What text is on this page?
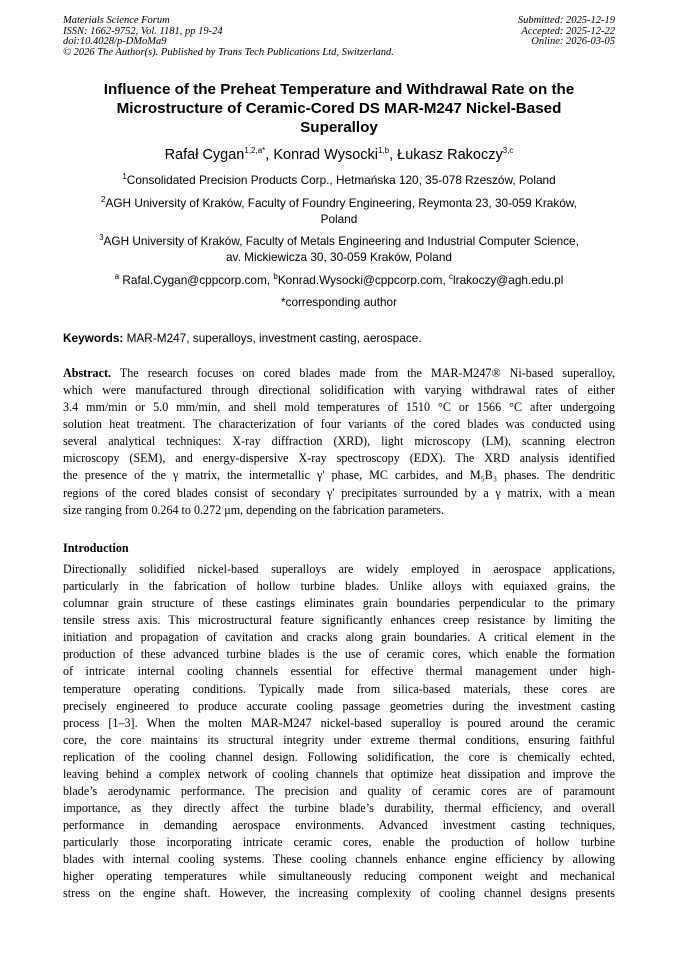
Materials Science Forum
ISSN: 1662-9752, Vol. 1181, pp 19-24
doi:10.4028/p-DMoMa9
© 2026 The Author(s). Published by Trans Tech Publications Ltd, Switzerland.
Submitted: 2025-12-19
Accepted: 2025-12-22
Online: 2026-03-05
Influence of the Preheat Temperature and Withdrawal Rate on the
Microstructure of Ceramic-Cored DS MAR-M247 Nickel-Based
Superalloy
Rafał Cygan$^{1,2,a*}$, Konrad Wysocki$^{1,b}$, Łukasz Rakoczy$^{3,c}$
$^1$Consolidated Precision Products Corp., Hetmańska 120, 35-078 Rzeszów, Poland
$^2$AGH University of Kraków, Faculty of Foundry Engineering, Reymonta 23, 30-059 Kraków,
Poland
$^3$AGH University of Kraków, Faculty of Metals Engineering and Industrial Computer Science,
av. Mickiewicza 30, 30-059 Kraków, Poland
$^a$ Rafal.Cygan@cppcorp.com, $^b$Konrad.Wysocki@cppcorp.com, $^c$lrakoczy@agh.edu.pl
*corresponding author
Keywords: MAR-M247, superalloys, investment casting, aerospace.
Abstract. The research focuses on cored blades made from the MAR-M247® Ni-based superalloy,
which were manufactured through directional solidification with varying withdrawal rates of either
3.4 mm/min or 5.0 mm/min, and shell mold temperatures of 1510 °C or 1566 °C after undergoing
solution heat treatment. The characterization of four variants of the cored blades was conducted using
several analytical techniques: X-ray diffraction (XRD), light microscopy (LM), scanning electron
microscopy (SEM), and energy-dispersive X-ray spectroscopy (EDX). The XRD analysis identified
the presence of the γ matrix, the intermetallic γ' phase, MC carbides, and M₅B₃ phases. The dendritic
regions of the cored blades consist of secondary γ' precipitates surrounded by a γ matrix, with a mean
size ranging from 0.264 to 0.272 μm, depending on the fabrication parameters.
Introduction
Directionally solidified nickel-based superalloys are widely employed in aerospace applications,
particularly in the fabrication of hollow turbine blades. Unlike alloys with equiaxed grains, the
columnar grain structure of these castings eliminates grain boundaries perpendicular to the primary
tensile stress axis. This microstructural feature significantly enhances creep resistance by limiting the
initiation and propagation of cavitation and cracks along grain boundaries. A critical element in the
production of these advanced turbine blades is the use of ceramic cores, which enable the formation
of intricate internal cooling channels essential for effective thermal management under high-
temperature operating conditions. Typically made from silica-based materials, these cores are
precisely engineered to produce accurate cooling passage geometries during the investment casting
process [1–3]. When the molten MAR-M247 nickel-based superalloy is poured around the ceramic
core, the core maintains its structural integrity under extreme thermal conditions, ensuring faithful
replication of the cooling channel design. Following solidification, the core is chemically echted,
leaving behind a complex network of cooling channels that optimize heat dissipation and improve the
blade’s aerodynamic performance. The precision and quality of ceramic cores are of paramount
importance, as they directly affect the turbine blade’s durability, thermal efficiency, and overall
performance in demanding aerospace environments. Advanced investment casting techniques,
particularly those incorporating intricate ceramic cores, enable the production of hollow turbine
blades with internal cooling systems. These cooling channels enhance engine efficiency by allowing
higher operating temperatures while simultaneously reducing component weight and mechanical
stress on the engine shaft. However, the increasing complexity of cooling channel designs presents
